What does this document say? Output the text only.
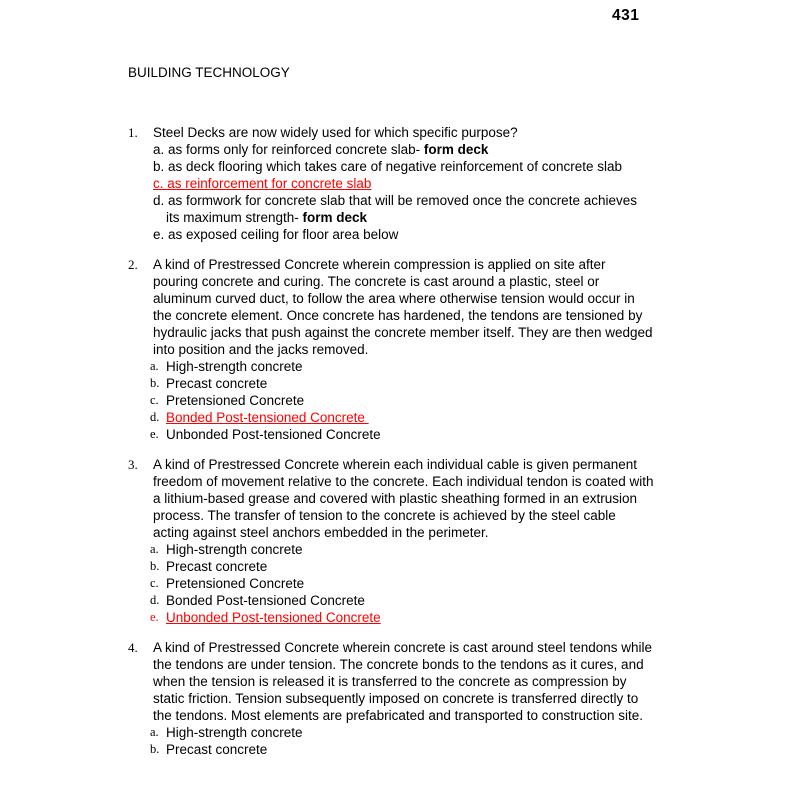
431
BUILDING TECHNOLOGY
1.	Steel Decks are now widely used for which specific purpose?
a. as forms only for reinforced concrete slab- form deck
b. as deck flooring which takes care of negative reinforcement of concrete slab
c. as reinforcement for concrete slab
d. as formwork for concrete slab that will be removed once the concrete achieves
its maximum strength- form deck
e. as exposed ceiling for floor area below
2.	A kind of Prestressed Concrete wherein compression is applied on site after
pouring concrete and curing. The concrete is cast around a plastic, steel or
aluminum curved duct, to follow the area where otherwise tension would occur in
the concrete element. Once concrete has hardened, the tendons are tensioned by
hydraulic jacks that push against the concrete member itself. They are then wedged
into position and the jacks removed.
a. High-strength concrete
b. Precast concrete
c. Pretensioned Concrete
d. Bonded Post-tensioned Concrete
e. Unbonded Post-tensioned Concrete
3.	A kind of Prestressed Concrete wherein each individual cable is given permanent
freedom of movement relative to the concrete. Each individual tendon is coated with
a lithium-based grease and covered with plastic sheathing formed in an extrusion
process. The transfer of tension to the concrete is achieved by the steel cable
acting against steel anchors embedded in the perimeter.
a. High-strength concrete
b. Precast concrete
c. Pretensioned Concrete
d. Bonded Post-tensioned Concrete
e. Unbonded Post-tensioned Concrete
4.	A kind of Prestressed Concrete wherein concrete is cast around steel tendons while
the tendons are under tension. The concrete bonds to the tendons as it cures, and
when the tension is released it is transferred to the concrete as compression by
static friction. Tension subsequently imposed on concrete is transferred directly to
the tendons. Most elements are prefabricated and transported to construction site.
a. High-strength concrete
b. Precast concrete
